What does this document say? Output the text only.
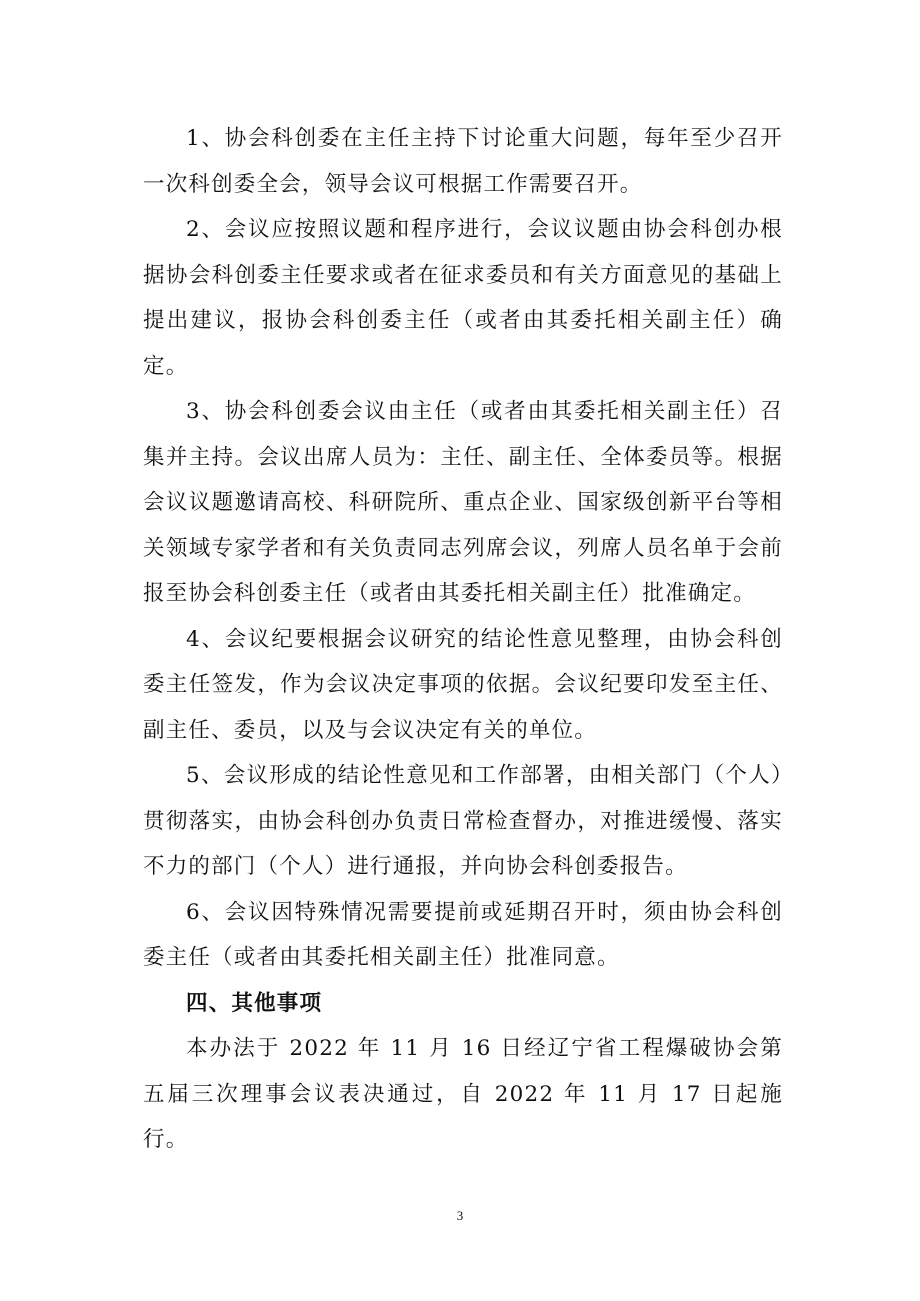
1、协会科创委在主任主持下讨论重大问题，每年至少召开一次科创委全会，领导会议可根据工作需要召开。

2、会议应按照议题和程序进行，会议议题由协会科创办根据协会科创委主任要求或者在征求委员和有关方面意见的基础上提出建议，报协会科创委主任（或者由其委托相关副主任）确定。

3、协会科创委会议由主任（或者由其委托相关副主任）召集并主持。会议出席人员为：主任、副主任、全体委员等。根据会议议题邀请高校、科研院所、重点企业、国家级创新平台等相关领域专家学者和有关负责同志列席会议，列席人员名单于会前报至协会科创委主任（或者由其委托相关副主任）批准确定。

4、会议纪要根据会议研究的结论性意见整理，由协会科创委主任签发，作为会议决定事项的依据。会议纪要印发至主任、副主任、委员，以及与会议决定有关的单位。

5、会议形成的结论性意见和工作部署，由相关部门（个人）贯彻落实，由协会科创办负责日常检查督办，对推进缓慢、落实不力的部门（个人）进行通报，并向协会科创委报告。

6、会议因特殊情况需要提前或延期召开时，须由协会科创委主任（或者由其委托相关副主任）批准同意。

四、其他事项

本办法于 2022 年 11 月 16 日经辽宁省工程爆破协会第五届三次理事会议表决通过，自 2022 年 11 月 17 日起施行。

3
